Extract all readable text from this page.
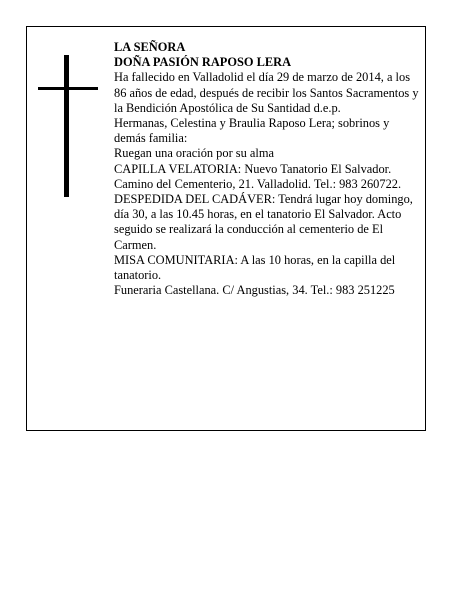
LA SEÑORA

DOÑA PASIÓN RAPOSO LERA

Ha fallecido en Valladolid el día 29 de marzo de 2014, a los 86 años de edad, después de recibir los Santos Sacramentos y la Bendición Apostólica de Su Santidad d.e.p.

Hermanas, Celestina y Braulia Raposo Lera; sobrinos y demás familia:

Ruegan una oración por su alma

CAPILLA VELATORIA: Nuevo Tanatorio El Salvador. Camino del Cementerio, 21. Valladolid. Tel.: 983 260722.

DESPEDIDA DEL CADÁVER: Tendrá lugar hoy domingo, día 30, a las 10.45 horas, en el tanatorio El Salvador. Acto seguido se realizará la conducción al cementerio de El Carmen.

MISA COMUNITARIA: A las 10 horas, en la capilla del tanatorio.

Funeraria Castellana. C/ Angustias, 34. Tel.: 983 251225
